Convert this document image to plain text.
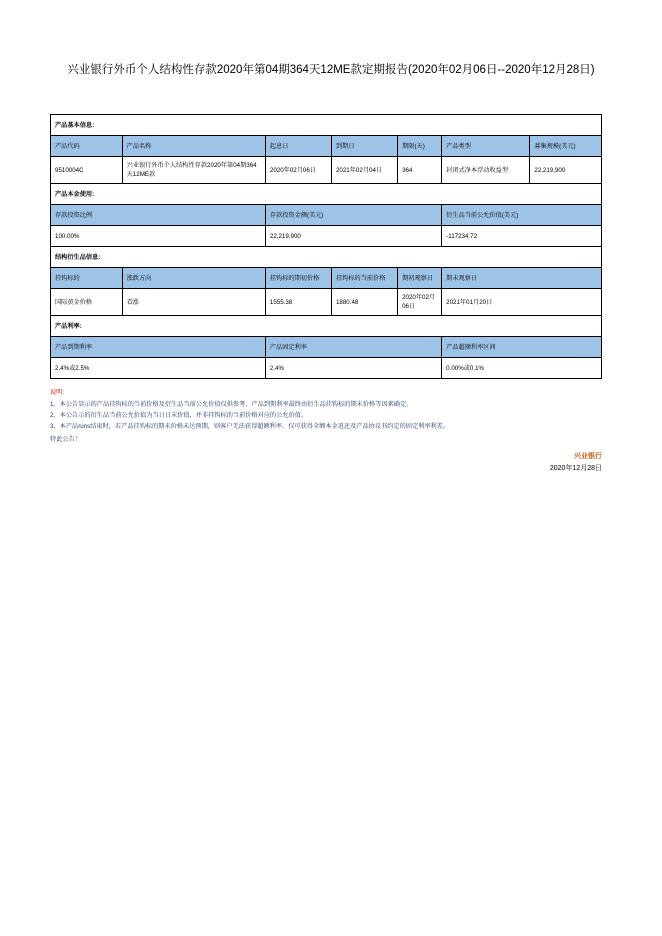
兴业银行外币个人结构性存款2020年第04期364天12ME款定期报告(2020年02月06日--2020年12月28日)
产品基本信息:						
产品代码	产品名称	起息日	到期日	期限(天)	产品类型	募集规模(美元)
9510004C	兴业银行外币个人结构性存款2020年第04期364天12ME款	2020年02月06日	2021年02月04日	364	封闭式净本浮动收益型	22,219,900
产品本金使用:						
存款投资比例		存款投资金额(美元)			衍生品当前公允价值(美元)	
100.00%		22,219,900			-117234.72	
结构衍生品信息:						
挂钩标的	涨跌方向	挂钩标的期初价格	挂钩标的当前价格	期初观察日	期末观察日	
国际黄金价格	看涨	1555.38	1880.48	2020年02月06日	2021年01月20日	
产品利率:						
产品到期利率		产品固定利率			产品超额利率区间	
2.4%或2.5%		2.4%			0.00%或0.1%	
说明:
1、本公告显示的产品挂钩标的当前价格及衍生品当前公允价值仅供参考，产品到期利率最终由衍生品挂钩标的期末价格等因素确定。
2、本公告示的衍生品当前公允价值为当日日末价值，并非挂钩标的当前价格对应的公允价值。
3、本产品runs结束时，若产品挂钩标的期末价格未达预期，则客户无法获得超额利率，仅可获得全额本金返还及产品协议书约定的固定利率利差。
特此公告！
兴业银行
2020年12月28日
